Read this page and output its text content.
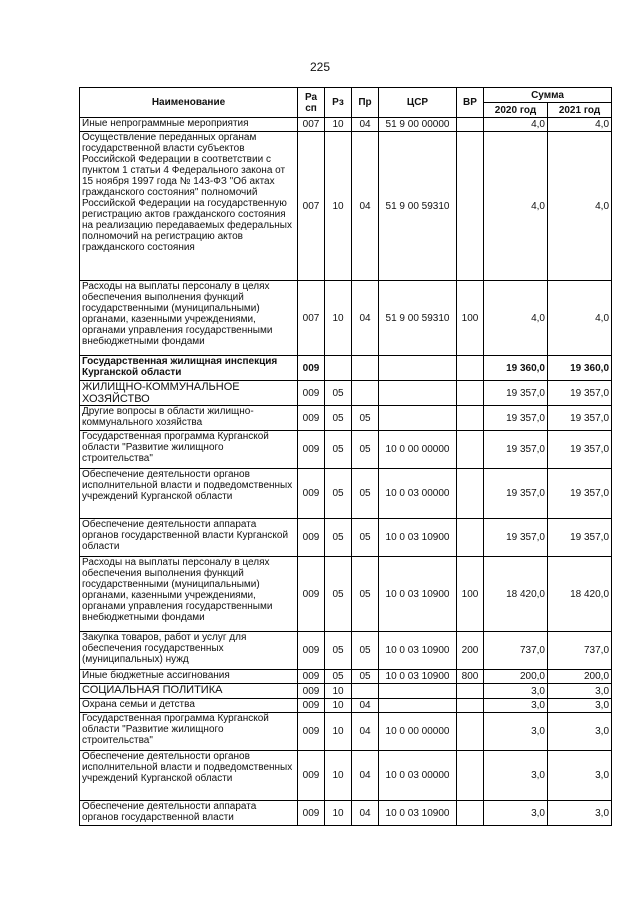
225
Наименование	Ра сп	Рз	Пр	ЦСР	ВР	Сумма	
						2020 год	2021 год
Иные непрограммные мероприятия	007	10	04	51 9 00 00000		4,0	4,0
Осуществление переданных органам государственной власти субъектов Российской Федерации в соответствии с пунктом 1 статьи 4 Федерального закона от 15 ноября 1997 года № 143-ФЗ "Об актах гражданского состояния" полномочий Российской Федерации на государственную регистрацию актов гражданского состояния на реализацию передаваемых федеральных полномочий на регистрацию актов гражданского состояния	007	10	04	51 9 00 59310		4,0	4,0
Расходы на выплаты персоналу в целях обеспечения выполнения функций государственными (муниципальными) органами, казенными учреждениями, органами управления государственными внебюджетными фондами	007	10	04	51 9 00 59310	100	4,0	4,0
Государственная жилищная инспекция Курганской области	009					19 360,0	19 360,0
ЖИЛИЩНО-КОММУНАЛЬНОЕ ХОЗЯЙСТВО	009	05				19 357,0	19 357,0
Другие вопросы в области жилищно-коммунального хозяйства	009	05	05			19 357,0	19 357,0
Государственная программа Курганской области "Развитие жилищного строительства"	009	05	05	10 0 00 00000		19 357,0	19 357,0
Обеспечение деятельности органов исполнительной власти и подведомственных учреждений Курганской области	009	05	05	10 0 03 00000		19 357,0	19 357,0
Обеспечение деятельности аппарата органов государственной власти Курганской области	009	05	05	10 0 03 10900		19 357,0	19 357,0
Расходы на выплаты персоналу в целях обеспечения выполнения функций государственными (муниципальными) органами, казенными учреждениями, органами управления государственными внебюджетными фондами	009	05	05	10 0 03 10900	100	18 420,0	18 420,0
Закупка товаров, работ и услуг для обеспечения государственных (муниципальных) нужд	009	05	05	10 0 03 10900	200	737,0	737,0
Иные бюджетные ассигнования	009	05	05	10 0 03 10900	800	200,0	200,0
СОЦИАЛЬНАЯ ПОЛИТИКА	009	10				3,0	3,0
Охрана семьи и детства	009	10	04			3,0	3,0
Государственная программа Курганской области "Развитие жилищного строительства"	009	10	04	10 0 00 00000		3,0	3,0
Обеспечение деятельности органов исполнительной власти и подведомственных учреждений Курганской области	009	10	04	10 0 03 00000		3,0	3,0
Обеспечение деятельности аппарата органов государственной власти	009	10	04	10 0 03 10900		3,0	3,0
